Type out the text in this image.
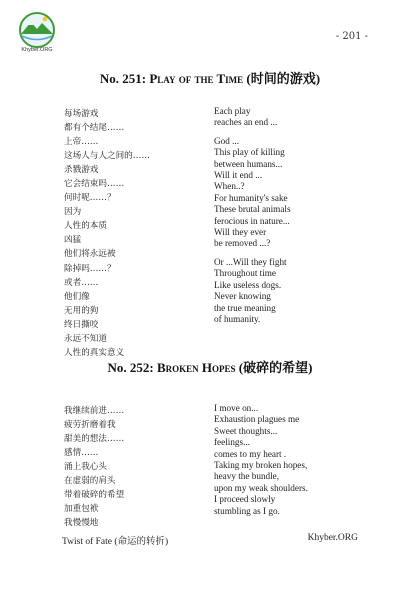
Khyber.ORG
- 201 -
No. 251: Play of the Time (时间的游戏)
每场游戏
都有个结尾……
上帝……
这场人与人之间的……
杀戮游戏
它会结束吗……
何时呢……？
因为
人性的本质
凶猛
他们将永远被
除掉吗……？
或者……
他们像
无用的狗
终日撕咬
永远不知道
人性的真实意义
Each play
reaches an end ...
God ...
This play of killing
between humans...
Will it end ...
When..?
For humanity's sake
These brutal animals
ferocious in nature...
Will they ever
be removed ...?
Or ...Will they fight
Throughout time
Like useless dogs.
Never knowing
the true meaning
of humanity.
No. 252: Broken Hopes (破碎的希望)
我继续前进……
疲劳折磨着我
甜美的想法……
感情……
涌上我心头
在虚弱的肩头
带着破碎的希望
加重包袱
我慢慢地
I move on...
Exhaustion plagues me
Sweet thoughts...
feelings...
comes to my heart .
Taking my broken hopes,
heavy the bundle,
upon my weak shoulders.
I proceed slowly
stumbling as I go.
Twist of Fate (命运的转折)	Khyber.ORG
